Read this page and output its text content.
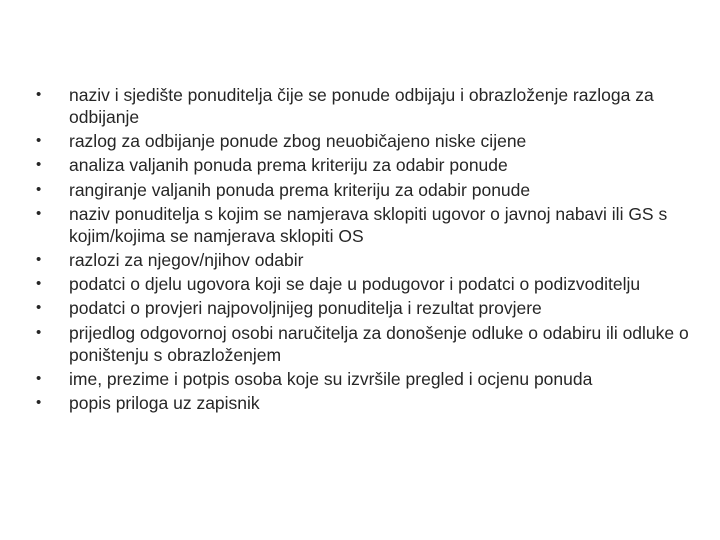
•	naziv i sjedište ponuditelja čije se ponude odbijaju i obrazloženje razloga za odbijanje
•	razlog za odbijanje ponude zbog neuobičajeno niske cijene
•	analiza valjanih ponuda prema kriteriju za odabir ponude
•	rangiranje valjanih ponuda prema kriteriju za odabir ponude
•	naziv ponuditelja s kojim se namjerava sklopiti ugovor o javnoj nabavi ili GS s kojim/kojima se namjerava sklopiti OS
•	razlozi za njegov/njihov odabir
•	podatci o djelu ugovora koji se daje u podugovor i podatci o podizvoditelju
•	podatci o provjeri najpovoljnijeg ponuditelja i rezultat provjere
•	prijedlog odgovornoj osobi naručitelja za donošenje odluke o odabiru ili odluke o poništenju s obrazloženjem
•	ime, prezime i potpis osoba koje su izvršile pregled i ocjenu ponuda
•	popis priloga uz zapisnik
